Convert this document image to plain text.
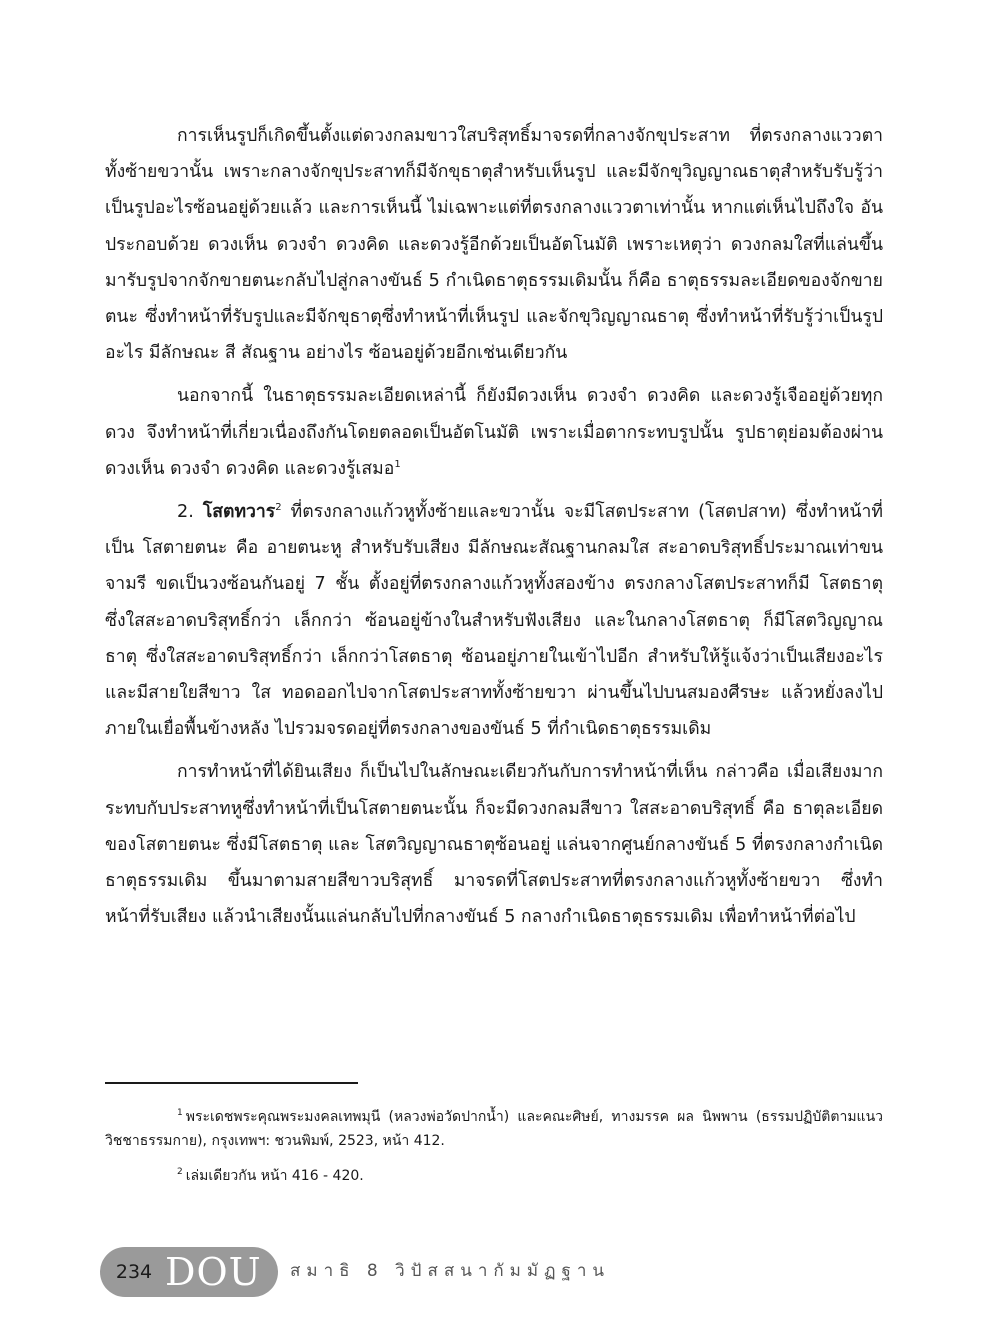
การเห็นรูปก็เกิดขึ้นตั้งแต่ดวงกลมขาวใสบริสุทธิ์มาจรดที่กลางจักขุประสาท ที่ตรงกลางแววตาทั้งซ้ายขวานั้น เพราะกลางจักขุประสาทก็มีจักขุธาตุสำหรับเห็นรูป และมีจักขุวิญญาณธาตุสำหรับรับรู้ว่าเป็นรูปอะไรซ้อนอยู่ด้วยแล้ว และการเห็นนี้ ไม่เฉพาะแต่ที่ตรงกลางแววตาเท่านั้น หากแต่เห็นไปถึงใจ อันประกอบด้วย ดวงเห็น ดวงจำ ดวงคิด และดวงรู้อีกด้วยเป็นอัตโนมัติ เพราะเหตุว่า ดวงกลมใสที่แล่นขึ้นมารับรูปจากจักขายตนะกลับไปสู่กลางขันธ์ 5 กำเนิดธาตุธรรมเดิมนั้น ก็คือ ธาตุธรรมละเอียดของจักขายตนะ ซึ่งทำหน้าที่รับรูปและมีจักขุธาตุซึ่งทำหน้าที่เห็นรูป และจักขุวิญญาณธาตุ ซึ่งทำหน้าที่รับรู้ว่าเป็นรูปอะไร มีลักษณะ สี สัณฐาน อย่างไร ซ้อนอยู่ด้วยอีกเช่นเดียวกัน

นอกจากนี้ ในธาตุธรรมละเอียดเหล่านี้ ก็ยังมีดวงเห็น ดวงจำ ดวงคิด และดวงรู้เจืออยู่ด้วยทุกดวง จึงทำหน้าที่เกี่ยวเนื่องถึงกันโดยตลอดเป็นอัตโนมัติ เพราะเมื่อตากระทบรูปนั้น รูปธาตุย่อมต้องผ่านดวงเห็น ดวงจำ ดวงคิด และดวงรู้เสมอ$^1$

2. โสตทวาร$^2$ ที่ตรงกลางแก้วหูทั้งซ้ายและขวานั้น จะมีโสตประสาท (โสตปสาท) ซึ่งทำหน้าที่เป็น โสตายตนะ คือ อายตนะหู สำหรับรับเสียง มีลักษณะสัณฐานกลมใส สะอาดบริสุทธิ์ประมาณเท่าขนจามรี ขดเป็นวงซ้อนกันอยู่ 7 ชั้น ตั้งอยู่ที่ตรงกลางแก้วหูทั้งสองข้าง ตรงกลางโสตประสาทก็มี โสตธาตุ ซึ่งใสสะอาดบริสุทธิ์กว่า เล็กกว่า ซ้อนอยู่ข้างในสำหรับฟังเสียง และในกลางโสตธาตุ ก็มีโสตวิญญาณธาตุ ซึ่งใสสะอาดบริสุทธิ์กว่า เล็กกว่าโสตธาตุ ซ้อนอยู่ภายในเข้าไปอีก สำหรับให้รู้แจ้งว่าเป็นเสียงอะไร และมีสายใยสีขาว ใส ทอดออกไปจากโสตประสาททั้งซ้ายขวา ผ่านขึ้นไปบนสมองศีรษะ แล้วหยั่งลงไปภายในเยื่อพื้นข้างหลัง ไปรวมจรดอยู่ที่ตรงกลางของขันธ์ 5 ที่กำเนิดธาตุธรรมเดิม

การทำหน้าที่ได้ยินเสียง ก็เป็นไปในลักษณะเดียวกันกับการทำหน้าที่เห็น กล่าวคือ เมื่อเสียงมากระทบกับประสาทหูซึ่งทำหน้าที่เป็นโสตายตนะนั้น ก็จะมีดวงกลมสีขาว ใสสะอาดบริสุทธิ์ คือ ธาตุละเอียดของโสตายตนะ ซึ่งมีโสตธาตุ และ โสตวิญญาณธาตุซ้อนอยู่ แล่นจากศูนย์กลางขันธ์ 5 ที่ตรงกลางกำเนิดธาตุธรรมเดิม ขึ้นมาตามสายสีขาวบริสุทธิ์ มาจรดที่โสตประสาทที่ตรงกลางแก้วหูทั้งซ้ายขวา ซึ่งทำหน้าที่รับเสียง แล้วนำเสียงนั้นแล่นกลับไปที่กลางขันธ์ 5 กลางกำเนิดธาตุธรรมเดิม เพื่อทำหน้าที่ต่อไป

$^1$ พระเดชพระคุณพระมงคลเทพมุนี (หลวงพ่อวัดปากน้ำ) และคณะศิษย์, ทางมรรค ผล นิพพาน (ธรรมปฏิบัติตามแนววิชชาธรรมกาย), กรุงเทพฯ: ชวนพิมพ์, 2523, หน้า 412.

$^2$ เล่มเดียวกัน หน้า 416 - 420.

234 DOU สมาธิ 8 วิปัสสนากัมมัฏฐาน
